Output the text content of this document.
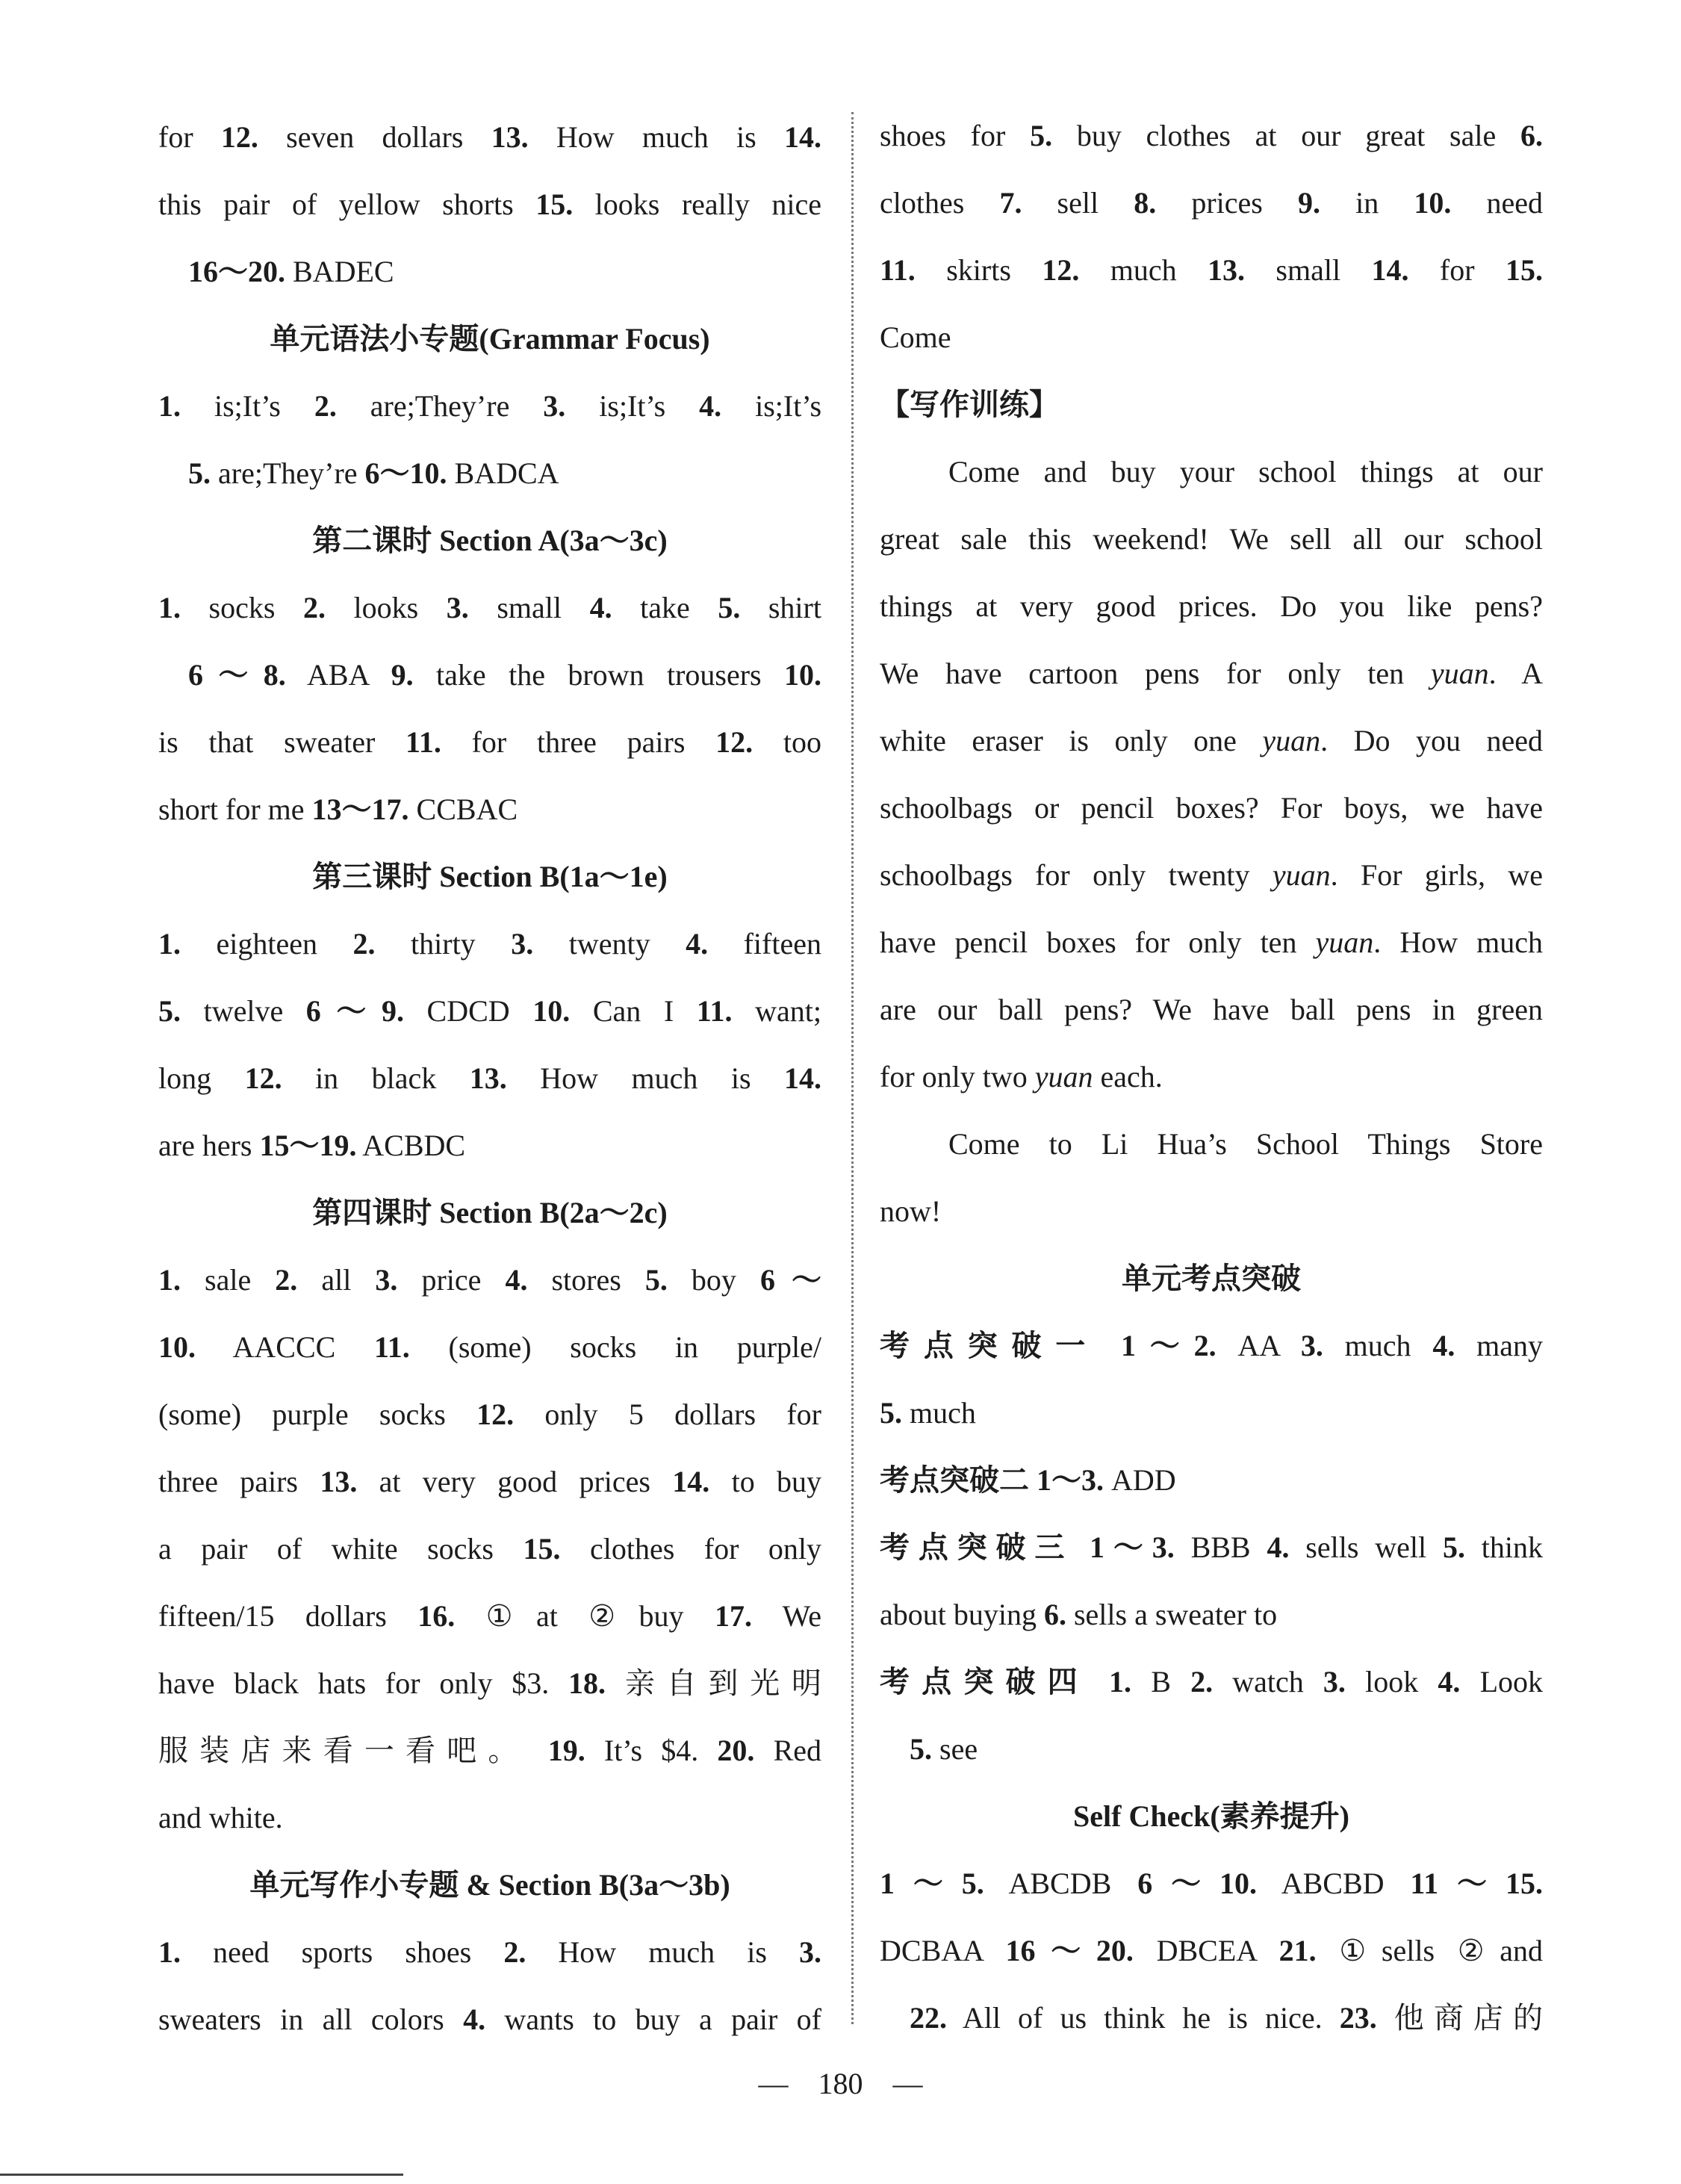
for 12. seven dollars 13. How much is 14.
this pair of yellow shorts 15. looks really nice
16～20. BADEC
单元语法小专题(Grammar Focus)
1. is;It’s 2. are;They’re 3. is;It’s 4. is;It’s
5. are;They’re 6～10. BADCA
第二课时 Section A(3a～3c)
1. socks 2. looks 3. small 4. take 5. shirt
6～8. ABA 9. take the brown trousers 10.
is that sweater 11. for three pairs 12. too
short for me 13～17. CCBAC
第三课时 Section B(1a～1e)
1. eighteen 2. thirty 3. twenty 4. fifteen
5. twelve 6～9. CDCD 10. Can I 11. want;
long 12. in black 13. How much is 14.
are hers 15～19. ACBDC
第四课时 Section B(2a～2c)
1. sale 2. all 3. price 4. stores 5. boy 6～
10. AACCC 11. (some) socks in purple/
(some) purple socks 12. only 5 dollars for
three pairs 13. at very good prices 14. to buy
a pair of white socks 15. clothes for only
fifteen/15 dollars 16. ①at ②buy 17. We
have black hats for only $3. 18. 亲自到光明
服装店来看一看吧。 19. It’s $4. 20. Red
and white.
单元写作小专题 & Section B(3a～3b)
1. need sports shoes 2. How much is 3.
sweaters in all colors 4. wants to buy a pair of
shoes for 5. buy clothes at our great sale 6.
clothes 7. sell 8. prices 9. in 10. need
11. skirts 12. much 13. small 14. for 15.
Come
【写作训练】
Come and buy your school things at our
great sale this weekend! We sell all our school
things at very good prices. Do you like pens?
We have cartoon pens for only ten yuan. A
white eraser is only one yuan. Do you need
schoolbags or pencil boxes? For boys, we have
schoolbags for only twenty yuan. For girls, we
have pencil boxes for only ten yuan. How much
are our ball pens? We have ball pens in green
for only two yuan each.
Come to Li Hua’s School Things Store
now!
单元考点突破
考点突破一 1～2. AA 3. much 4. many
5. much
考点突破二 1～3. ADD
考点突破三 1～3. BBB 4. sells well 5. think
about buying 6. sells a sweater to
考点突破四 1. B 2. watch 3. look 4. Look
5. see
Self Check(素养提升)
1～5. ABCDB 6～10. ABCBD 11～15.
DCBAA 16～20. DBCEA 21. ①sells ②and
22. All of us think he is nice. 23. 他商店的
— 180 —
